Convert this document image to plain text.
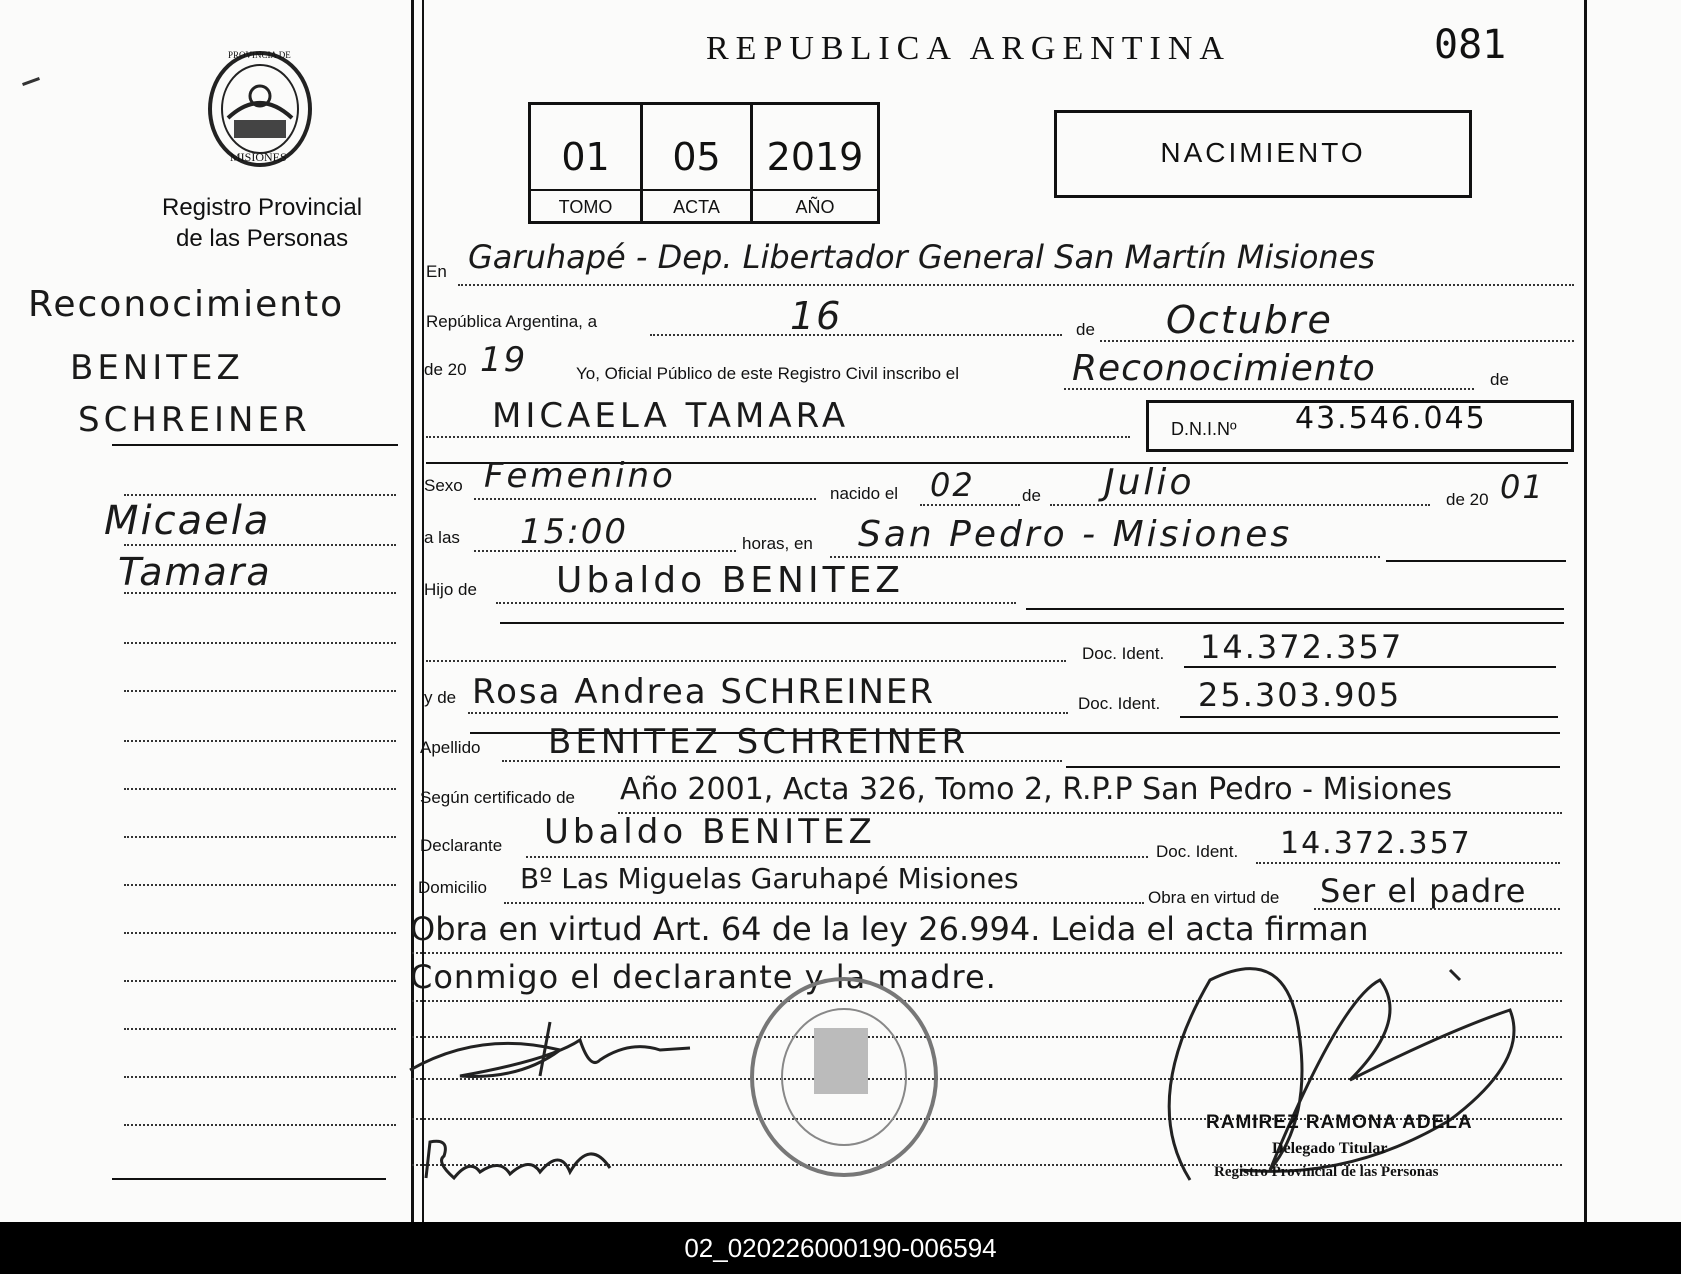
REPUBLICA ARGENTINA	081
PROVINCIA DE
MISIONES
Registro Provincial
de las Personas
Reconocimiento
BENITEZ
SCHREINER
Micaela
Tamara
01
TOMO
05
ACTA
2019
AÑO
NACIMIENTO
En Garuhapé - Dep. Libertador General San Martín Misiones
República Argentina, a	16	de Octubre
de 20 19	Yo, Oficial Público de este Registro Civil inscribo el	Reconocimiento	de
MICAELA TAMARA	D.N.I.Nº 43.546.045
Sexo Femenino	nacido el 02	de Julio	de 20 01
a las 15:00	horas, en San Pedro - Misiones
Hijo de Ubaldo BENITEZ
Doc. Ident. 14.372.357
y de Rosa Andrea SCHREINER	Doc. Ident. 25.303.905
Apellido BENITEZ SCHREINER
Según certificado de Año 2001, Acta 326, Tomo 2, R.P.P San Pedro - Misiones
Declarante Ubaldo BENITEZ	Doc. Ident. 14.372.357
Domicilio Bº Las Miguelas Garuhapé Misiones
Obra en virtud de Ser el padre
Obra en virtud Art. 64 de la ley 26.994. Leida el acta firman
Conmigo el declarante y la madre.
RAMIREZ RAMONA ADELA
Delegado Titular
Registro Provincial de las Personas
02_020226000190-006594
